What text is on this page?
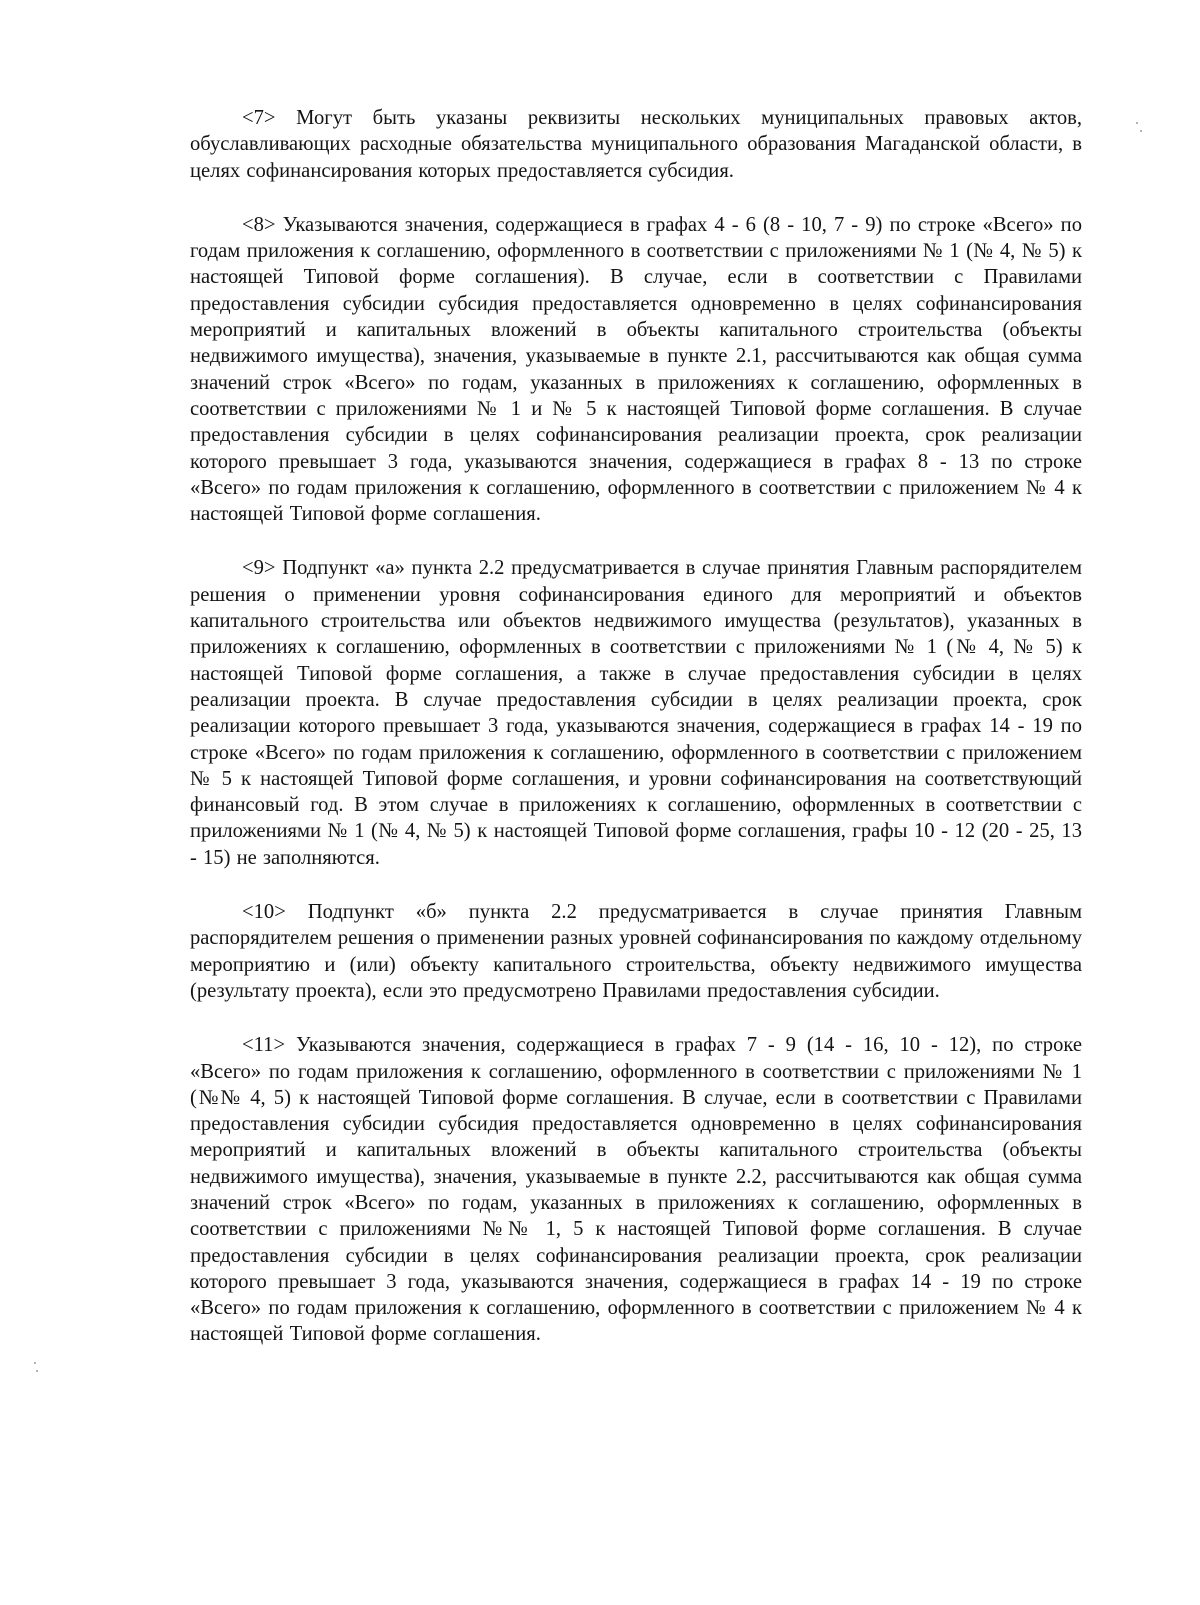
<7> Могут быть указаны реквизиты нескольких муниципальных правовых актов, обуславливающих расходные обязательства муниципального образования Магаданской области, в целях софинансирования которых предоставляется субсидия.

<8> Указываются значения, содержащиеся в графах 4 - 6 (8 - 10, 7 - 9) по строке «Всего» по годам приложения к соглашению, оформленного в соответствии с приложениями № 1 (№ 4, № 5) к настоящей Типовой форме соглашения). В случае, если в соответствии с Правилами предоставления субсидии субсидия предоставляется одновременно в целях софинансирования мероприятий и капитальных вложений в объекты капитального строительства (объекты недвижимого имущества), значения, указываемые в пункте 2.1, рассчитываются как общая сумма значений строк «Всего» по годам, указанных в приложениях к соглашению, оформленных в соответствии с приложениями № 1 и № 5 к настоящей Типовой форме соглашения. В случае предоставления субсидии в целях софинансирования реализации проекта, срок реализации которого превышает 3 года, указываются значения, содержащиеся в графах 8 - 13 по строке «Всего» по годам приложения к соглашению, оформленного в соответствии с приложением № 4 к настоящей Типовой форме соглашения.

<9> Подпункт «а» пункта 2.2 предусматривается в случае принятия Главным распорядителем решения о применении уровня софинансирования единого для мероприятий и объектов капитального строительства или объектов недвижимого имущества (результатов), указанных в приложениях к соглашению, оформленных в соответствии с приложениями № 1 (№ 4, № 5) к настоящей Типовой форме соглашения, а также в случае предоставления субсидии в целях реализации проекта. В случае предоставления субсидии в целях реализации проекта, срок реализации которого превышает 3 года, указываются значения, содержащиеся в графах 14 - 19 по строке «Всего» по годам приложения к соглашению, оформленного в соответствии с приложением № 5 к настоящей Типовой форме соглашения, и уровни софинансирования на соответствующий финансовый год. В этом случае в приложениях к соглашению, оформленных в соответствии с приложениями № 1 (№ 4, № 5) к настоящей Типовой форме соглашения, графы 10 - 12 (20 - 25, 13 - 15) не заполняются.

<10> Подпункт «б» пункта 2.2 предусматривается в случае принятия Главным распорядителем решения о применении разных уровней софинансирования по каждому отдельному мероприятию и (или) объекту капитального строительства, объекту недвижимого имущества (результату проекта), если это предусмотрено Правилами предоставления субсидии.

<11> Указываются значения, содержащиеся в графах 7 - 9 (14 - 16, 10 - 12), по строке «Всего» по годам приложения к соглашению, оформленного в соответствии с приложениями № 1 (№№ 4, 5) к настоящей Типовой форме соглашения. В случае, если в соответствии с Правилами предоставления субсидии субсидия предоставляется одновременно в целях софинансирования мероприятий и капитальных вложений в объекты капитального строительства (объекты недвижимого имущества), значения, указываемые в пункте 2.2, рассчитываются как общая сумма значений строк «Всего» по годам, указанных в приложениях к соглашению, оформленных в соответствии с приложениями №№ 1, 5 к настоящей Типовой форме соглашения. В случае предоставления субсидии в целях софинансирования реализации проекта, срок реализации которого превышает 3 года, указываются значения, содержащиеся в графах 14 - 19 по строке «Всего» по годам приложения к соглашению, оформленного в соответствии с приложением № 4 к настоящей Типовой форме соглашения.
